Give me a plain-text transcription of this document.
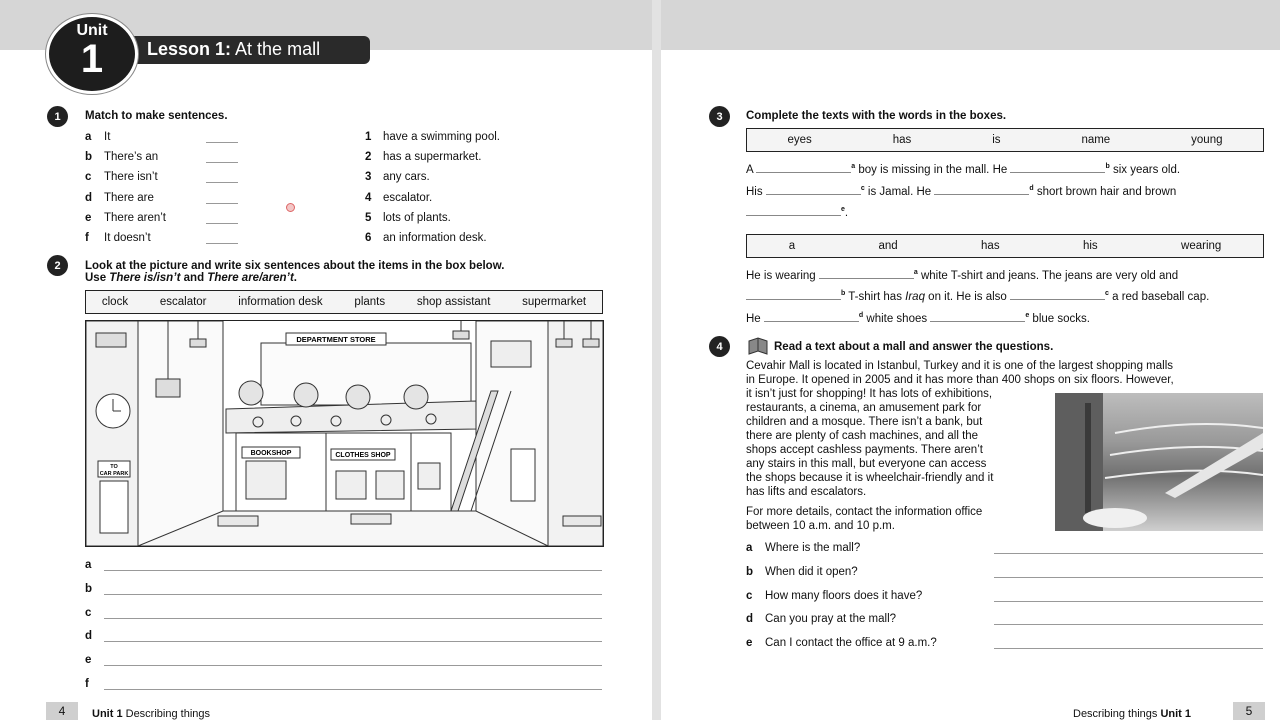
Lesson 1: At the mall
Unit
1
1	Match to make sentences.
a It
b There’s an
c There isn’t
d There are
e There aren’t
f It doesn’t
1 have a swimming pool.
2 has a supermarket.
3 any cars.
4 escalator.
5 lots of plants.
6 an information desk.
2	Look at the picture and write six sentences about the items in the box below.
Use There is/isn’t and There are/aren’t.
clock	escalator	information desk	plants	shop assistant	supermarket
DEPARTMENT STORE
BOOKSHOP	CLOTHES SHOP
TO
CAR PARK
a
b
c
d
e
f
4	Unit 1 Describing things
3	Complete the texts with the words in the boxes.
eyes	has	is	name	young
A	$^a$ boy is missing in the mall. He	$^b$ six years old.
His	$^c$ is Jamal. He	$^d$ short brown hair and brown
$^e$.
a	and	has	his	wearing
He is wearing	$^a$ white T-shirt and jeans. The jeans are very old and
$^b$ T-shirt has Iraq on it. He is also	$^c$ a red baseball cap.
He	$^d$ white shoes	$^e$ blue socks.
4	Read a text about a mall and answer the questions.
Cevahir Mall is located in Istanbul, Turkey and it is one of the largest shopping malls
in Europe. It opened in 2005 and it has more than 400 shops on six floors. However,
it isn’t just for shopping! It has lots of exhibitions,
restaurants, a cinema, an amusement park for
children and a mosque. There isn’t a bank, but
there are plenty of cash machines, and all the
shops accept cashless payments. There aren’t
any stairs in this mall, but everyone can access
the shops because it is wheelchair-friendly and it
has lifts and escalators.
For more details, contact the information office
between 10 a.m. and 10 p.m.
a Where is the mall?
b When did it open?
c How many floors does it have?
d Can you pray at the mall?
e Can I contact the office at 9 a.m.?
Describing things Unit 1	5
